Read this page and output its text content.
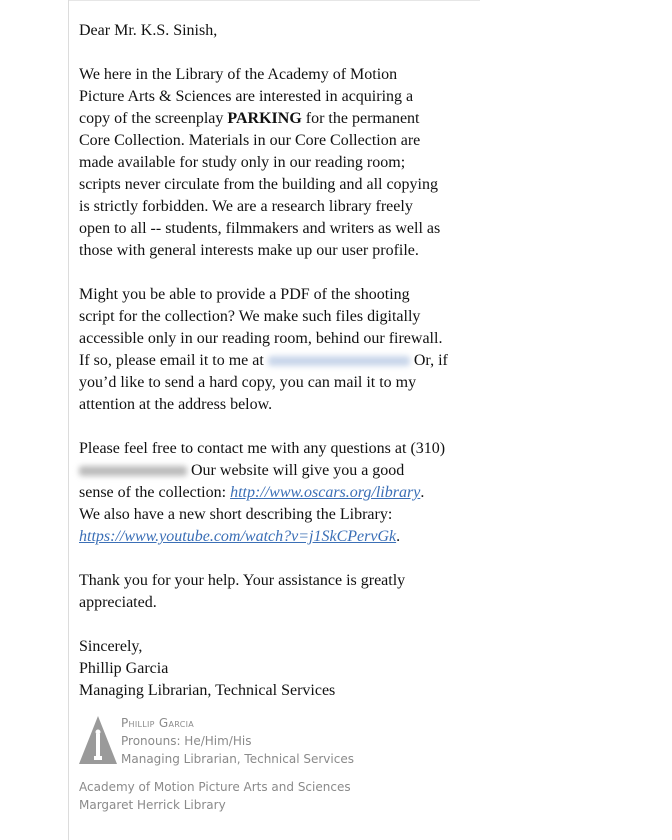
Dear Mr. K.S. Sinish,

We here in the Library of the Academy of Motion
Picture Arts & Sciences are interested in acquiring a
copy of the screenplay PARKING for the permanent
Core Collection. Materials in our Core Collection are
made available for study only in our reading room;
scripts never circulate from the building and all copying
is strictly forbidden. We are a research library freely
open to all -- students, filmmakers and writers as well as
those with general interests make up our user profile.

Might you be able to provide a PDF of the shooting
script for the collection? We make such files digitally
accessible only in our reading room, behind our firewall.
If so, please email it to me at	Or, if
you’d like to send a hard copy, you can mail it to my
attention at the address below.

Please feel free to contact me with any questions at (310)
Our website will give you a good
sense of the collection: http://www.oscars.org/library.
We also have a new short describing the Library:
https://www.youtube.com/watch?v=j1SkCPervGk.

Thank you for your help. Your assistance is greatly
appreciated.

Sincerely,
Phillip Garcia
Managing Librarian, Technical Services

Phillip Garcia
Pronouns: He/Him/His
Managing Librarian, Technical Services
Academy of Motion Picture Arts and Sciences
Margaret Herrick Library
